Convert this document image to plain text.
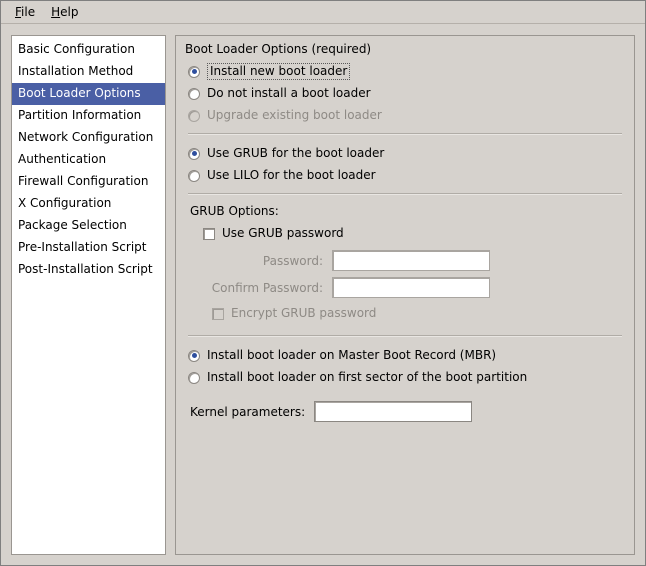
File	Help
Basic Configuration
Installation Method
Boot Loader Options
Partition Information
Network Configuration
Authentication
Firewall Configuration
X Configuration
Package Selection
Pre-Installation Script
Post-Installation Script
Boot Loader Options (required)
Install new boot loader
Do not install a boot loader
Upgrade existing boot loader
Use GRUB for the boot loader
Use LILO for the boot loader
GRUB Options:
Use GRUB password
Password:
Confirm Password:
Encrypt GRUB password
Install boot loader on Master Boot Record (MBR)
Install boot loader on first sector of the boot partition
Kernel parameters:
